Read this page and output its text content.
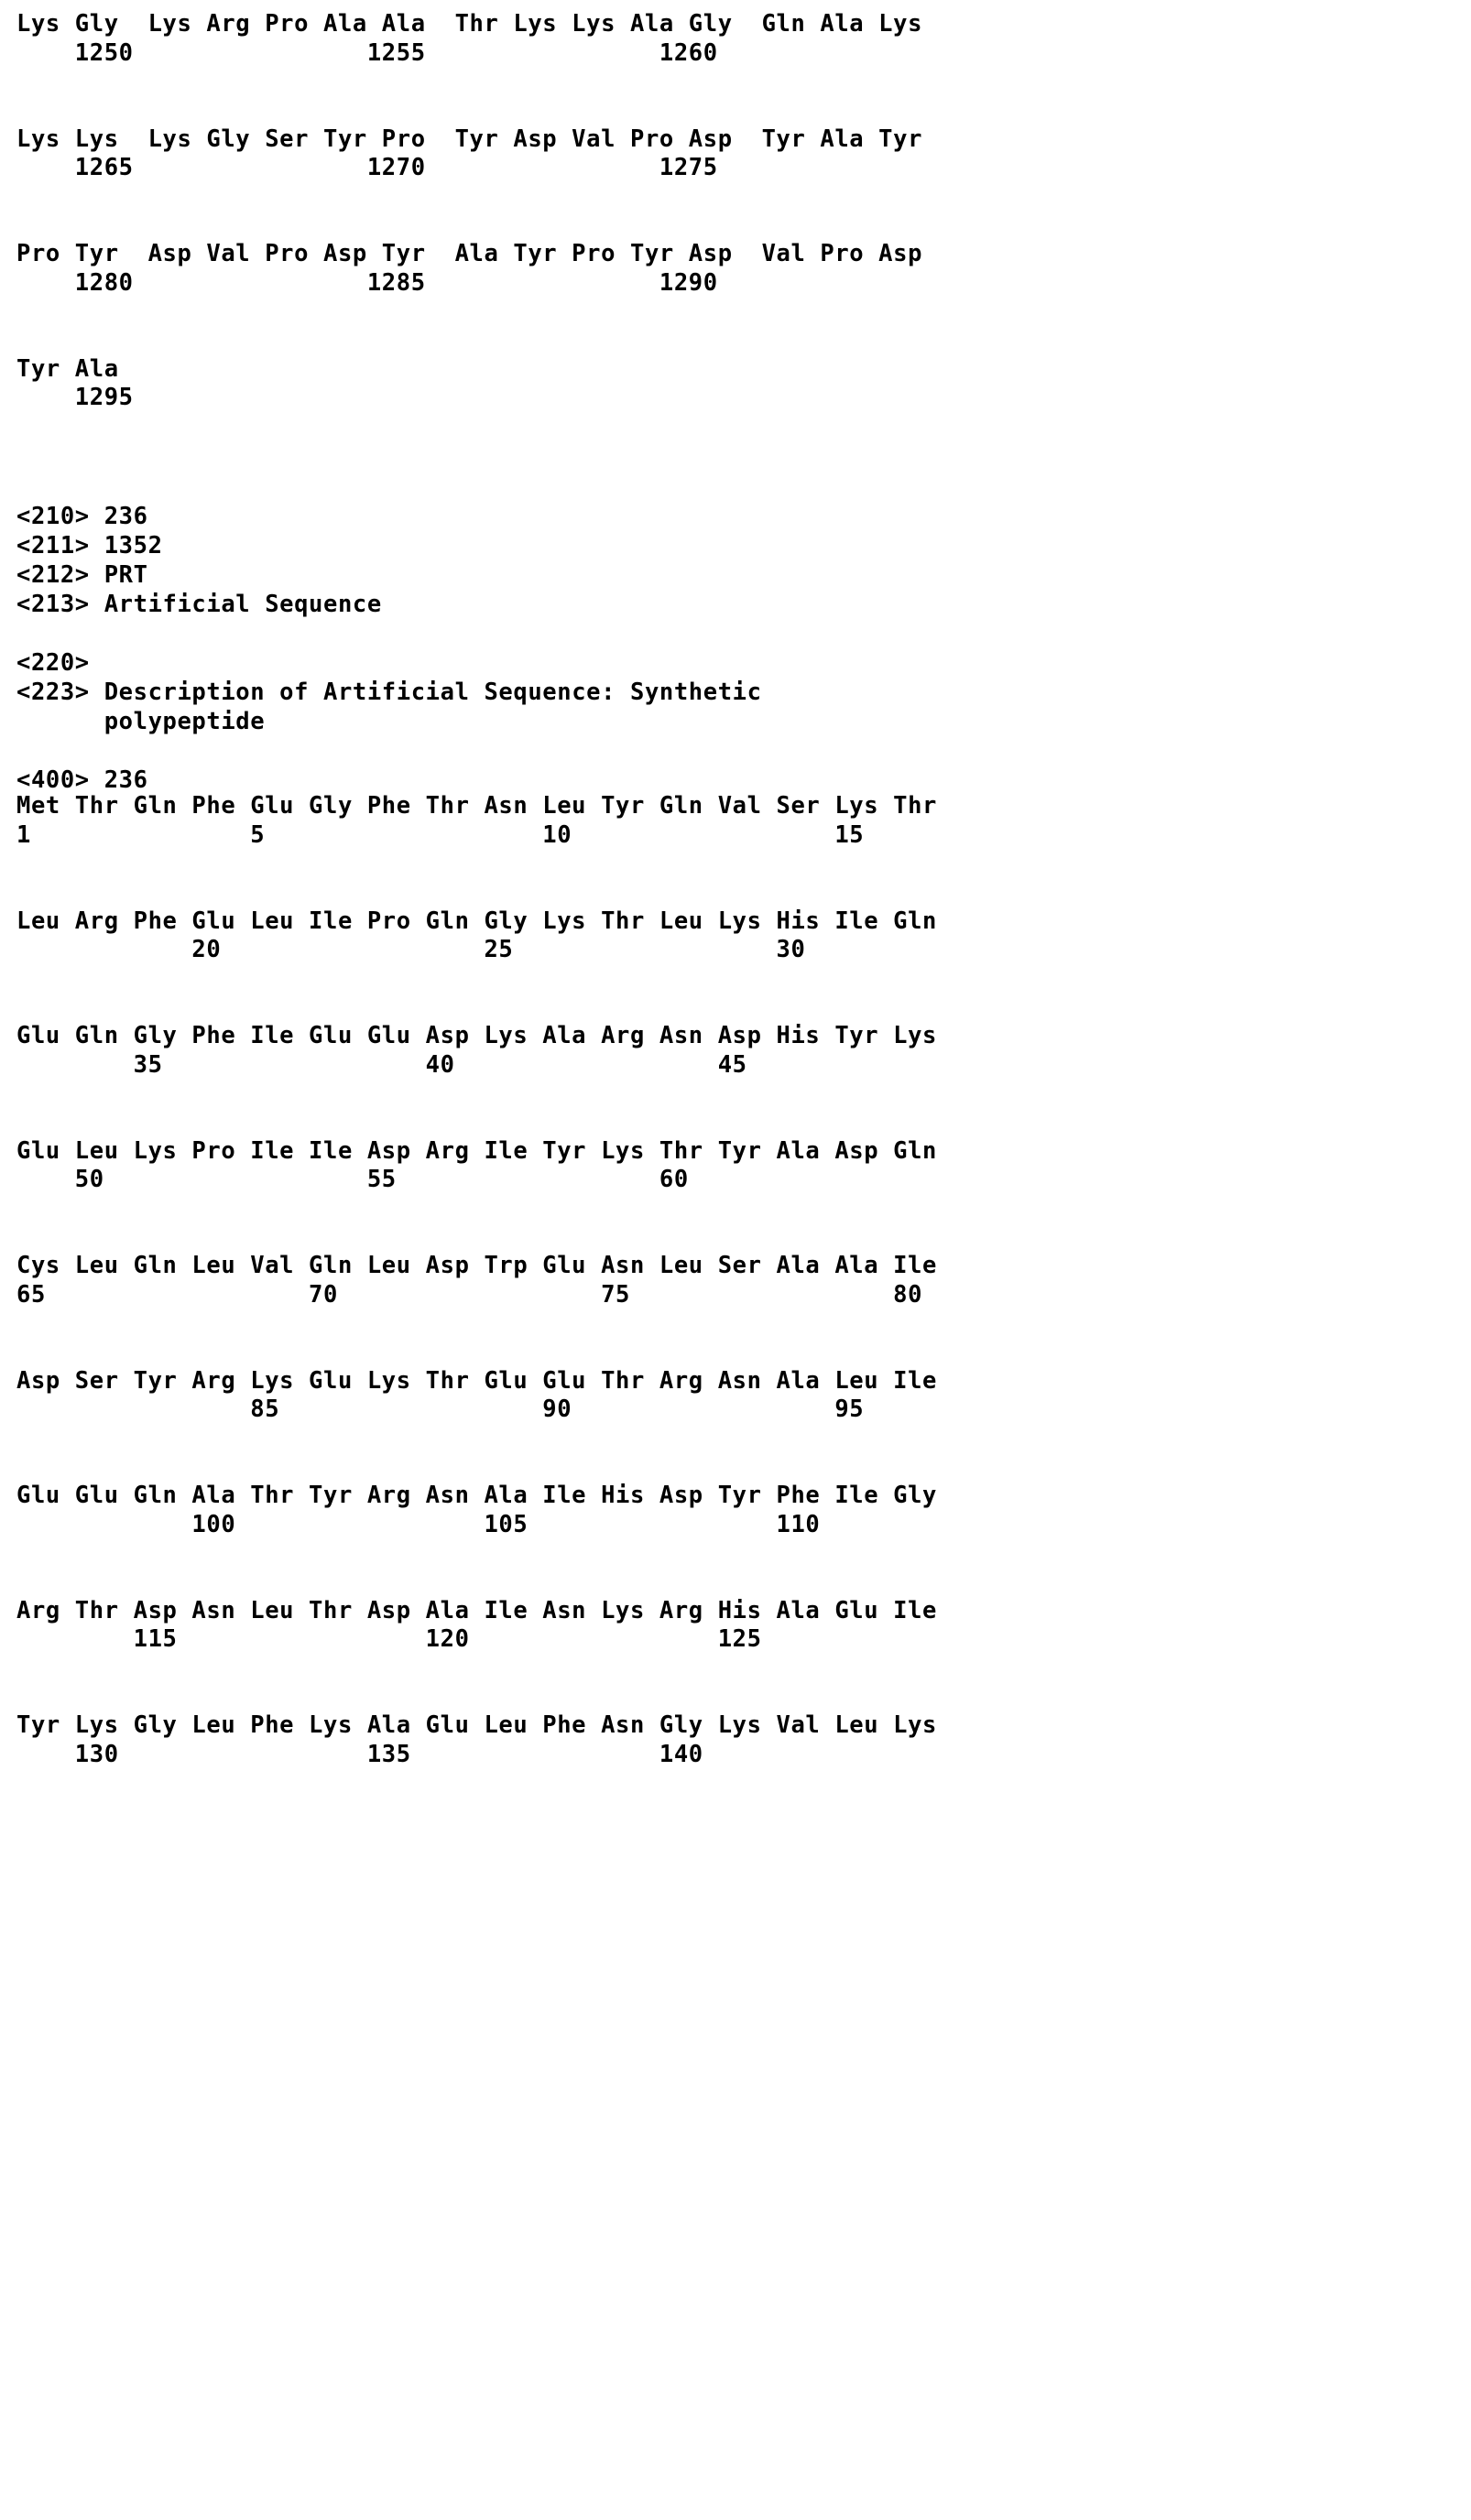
Lys Gly  Lys Arg Pro Ala Ala  Thr Lys Lys Ala Gly  Gln Ala Lys
1250                1255                1260
Lys Lys  Lys Gly Ser Tyr Pro  Tyr Asp Val Pro Asp  Tyr Ala Tyr
1265                1270                1275
Pro Tyr  Asp Val Pro Asp Tyr  Ala Tyr Pro Tyr Asp  Val Pro Asp
1280                1285                1290
Tyr Ala
1295
<210> 236
<211> 1352
<212> PRT
<213> Artificial Sequence
<220>
<223> Description of Artificial Sequence: Synthetic
polypeptide
<400> 236
Met Thr Gln Phe Glu Gly Phe Thr Asn Leu Tyr Gln Val Ser Lys Thr
1               5                   10                  15
Leu Arg Phe Glu Leu Ile Pro Gln Gly Lys Thr Leu Lys His Ile Gln
20                  25                  30
Glu Gln Gly Phe Ile Glu Glu Asp Lys Ala Arg Asn Asp His Tyr Lys
35                  40                  45
Glu Leu Lys Pro Ile Ile Asp Arg Ile Tyr Lys Thr Tyr Ala Asp Gln
50                  55                  60
Cys Leu Gln Leu Val Gln Leu Asp Trp Glu Asn Leu Ser Ala Ala Ile
65                  70                  75                  80
Asp Ser Tyr Arg Lys Glu Lys Thr Glu Glu Thr Arg Asn Ala Leu Ile
85                  90                  95
Glu Glu Gln Ala Thr Tyr Arg Asn Ala Ile His Asp Tyr Phe Ile Gly
100                 105                 110
Arg Thr Asp Asn Leu Thr Asp Ala Ile Asn Lys Arg His Ala Glu Ile
115                 120                 125
Tyr Lys Gly Leu Phe Lys Ala Glu Leu Phe Asn Gly Lys Val Leu Lys
130                 135                 140
